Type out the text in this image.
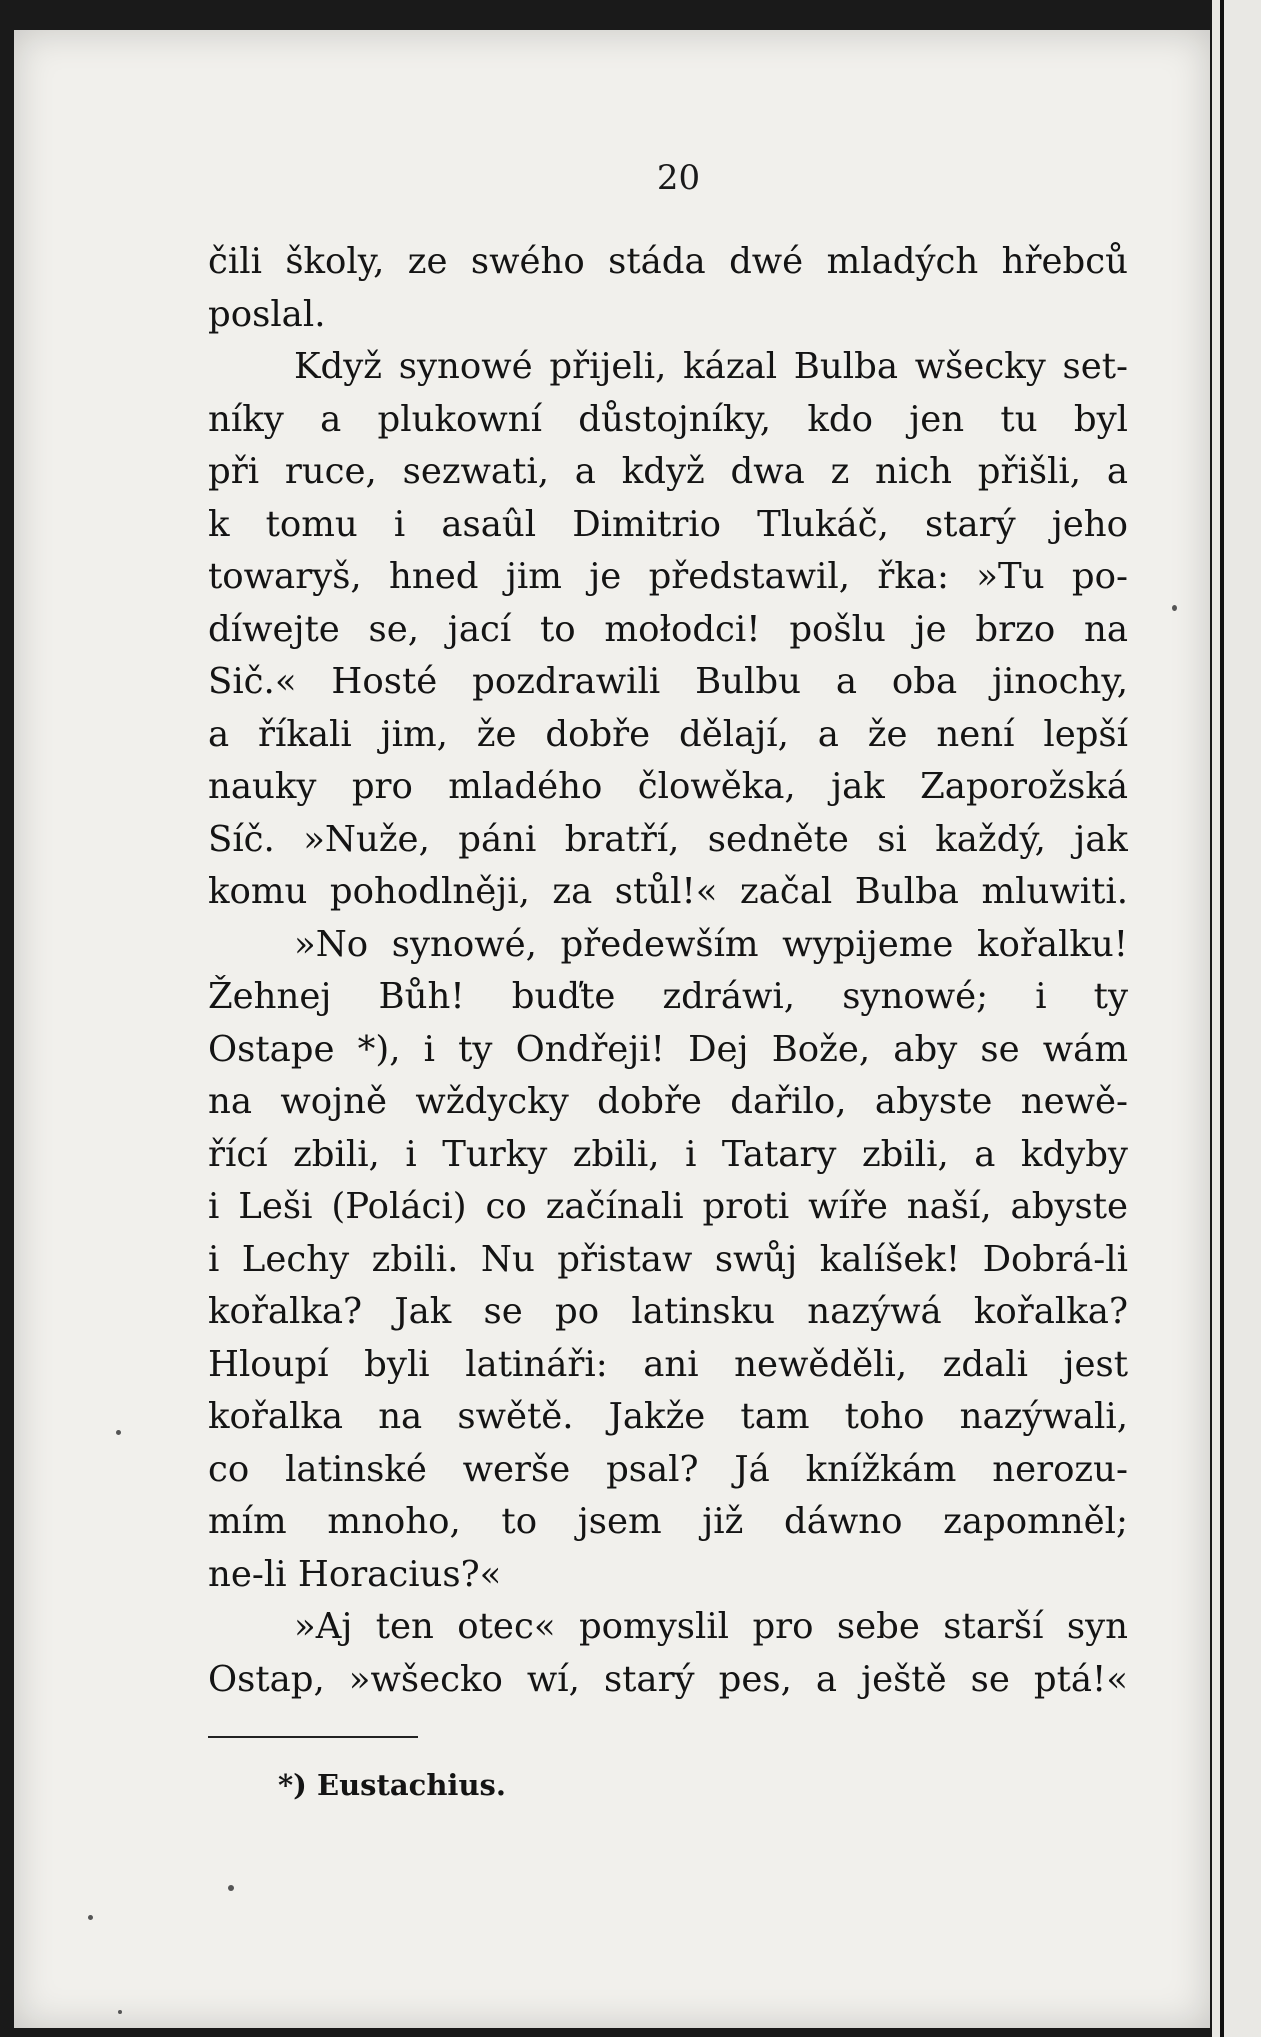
20
čili školy, ze swého stáda dwé mladých hřebců
poslal.
Když synowé přijeli, kázal Bulba wšecky set-
níky a plukowní důstojníky, kdo jen tu byl
při ruce, sezwati, a když dwa z nich přišli, a
k tomu i asaûl Dimitrio Tlukáč, starý jeho
towaryš, hned jim je předstawil, řka: »Tu po-
díwejte se, jací to mołodci! pošlu je brzo na
Sič.« Hosté pozdrawili Bulbu a oba jinochy,
a říkali jim, že dobře dělají, a že není lepší
nauky pro mladého člowěka, jak Zaporožská
Síč. »Nuže, páni bratří, sedněte si každý, jak
komu pohodlněji, za stůl!« začal Bulba mluwiti.
»No synowé, předewším wypijeme kořalku!
Žehnej Bůh! buďte zdráwi, synowé; i ty
Ostape *), i ty Ondřeji! Dej Bože, aby se wám
na wojně wždycky dobře dařilo, abyste newě-
řící zbili, i Turky zbili, i Tatary zbili, a kdyby
i Leši (Poláci) co začínali proti wíře naší, abyste
i Lechy zbili. Nu přistaw swůj kalíšek! Dobrá-li
kořalka? Jak se po latinsku nazýwá kořalka?
Hloupí byli latináři: ani newěděli, zdali jest
kořalka na swětě. Jakže tam toho nazýwali,
co latinské werše psal? Já knížkám nerozu-
mím mnoho, to jsem již dáwno zapomněl;
ne-li Horacius?«
»Aj ten otec« pomyslil pro sebe starší syn
Ostap, »wšecko wí, starý pes, a ještě se ptá!«
*) Eustachius.
